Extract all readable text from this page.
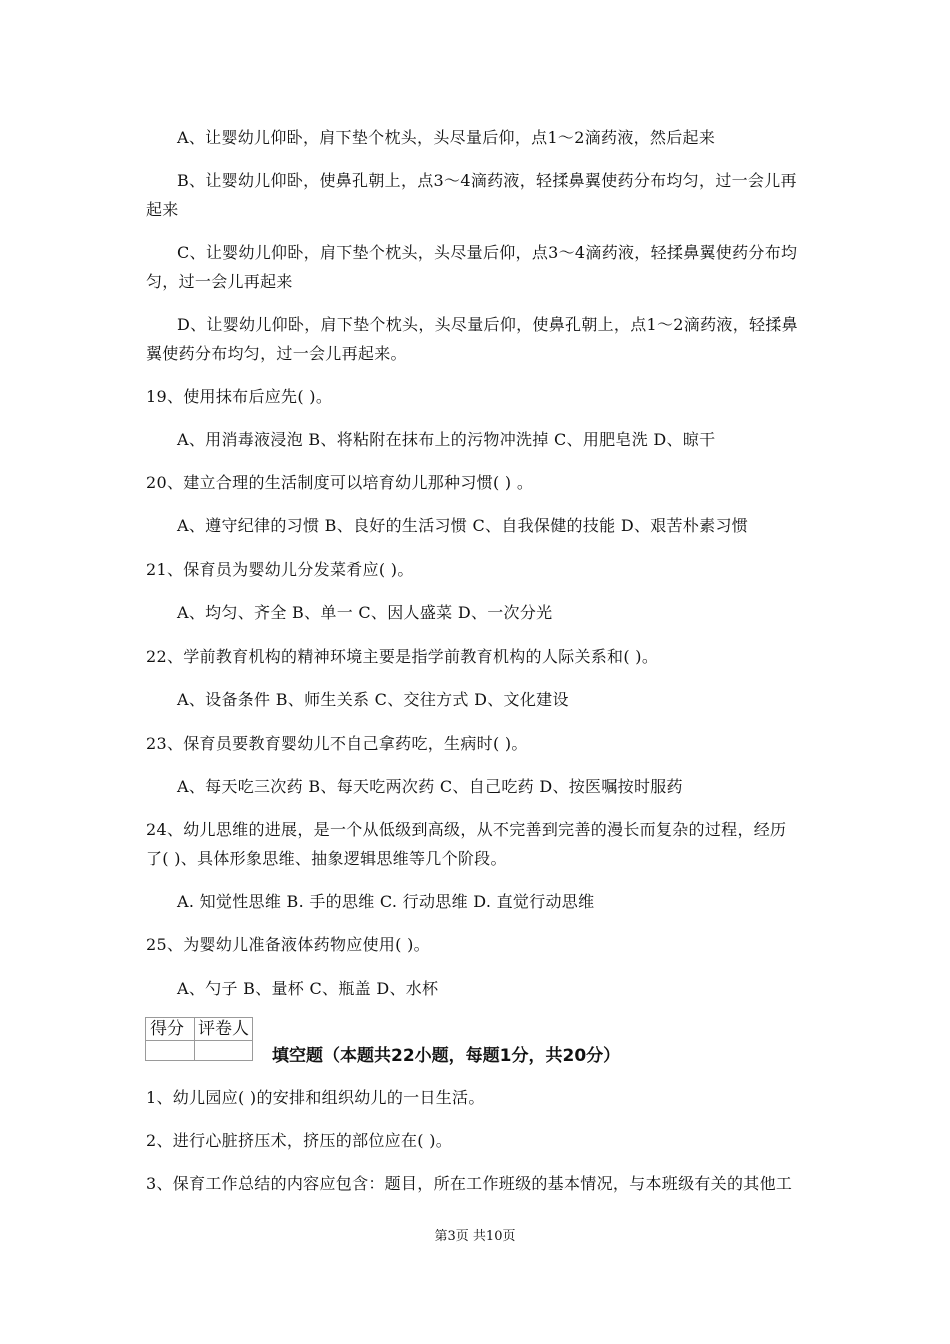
A、让婴幼儿仰卧，肩下垫个枕头，头尽量后仰，点1～2滴药液，然后起来
B、让婴幼儿仰卧，使鼻孔朝上，点3～4滴药液，轻揉鼻翼使药分布均匀，过一会儿再
起来
C、让婴幼儿仰卧，肩下垫个枕头，头尽量后仰，点3～4滴药液，轻揉鼻翼使药分布均
匀，过一会儿再起来
D、让婴幼儿仰卧，肩下垫个枕头，头尽量后仰，使鼻孔朝上，点1～2滴药液，轻揉鼻
翼使药分布均匀，过一会儿再起来。
19、使用抹布后应先( )。
A、用消毒液浸泡 B、将粘附在抹布上的污物冲洗掉 C、用肥皂洗 D、晾干
20、建立合理的生活制度可以培育幼儿那种习惯( ) 。
A、遵守纪律的习惯 B、良好的生活习惯 C、自我保健的技能 D、艰苦朴素习惯
21、保育员为婴幼儿分发菜肴应( )。
A、均匀、齐全 B、单一 C、因人盛菜 D、一次分光
22、学前教育机构的精神环境主要是指学前教育机构的人际关系和( )。
A、设备条件 B、师生关系 C、交往方式 D、文化建设
23、保育员要教育婴幼儿不自己拿药吃，生病时( )。
A、每天吃三次药 B、每天吃两次药 C、自己吃药 D、按医嘱按时服药
24、幼儿思维的进展，是一个从低级到高级，从不完善到完善的漫长而复杂的过程，经历
了( )、具体形象思维、抽象逻辑思维等几个阶段。
A. 知觉性思维 B. 手的思维 C. 行动思维 D. 直觉行动思维
25、为婴幼儿准备液体药物应使用( )。
A、勺子 B、量杯 C、瓶盖 D、水杯
得分 评卷人
填空题（本题共22小题，每题1分，共20分）
1、幼儿园应( )的安排和组织幼儿的一日生活。
2、进行心脏挤压术，挤压的部位应在( )。
3、保育工作总结的内容应包含：题目，所在工作班级的基本情况，与本班级有关的其他工
第3页 共10页
